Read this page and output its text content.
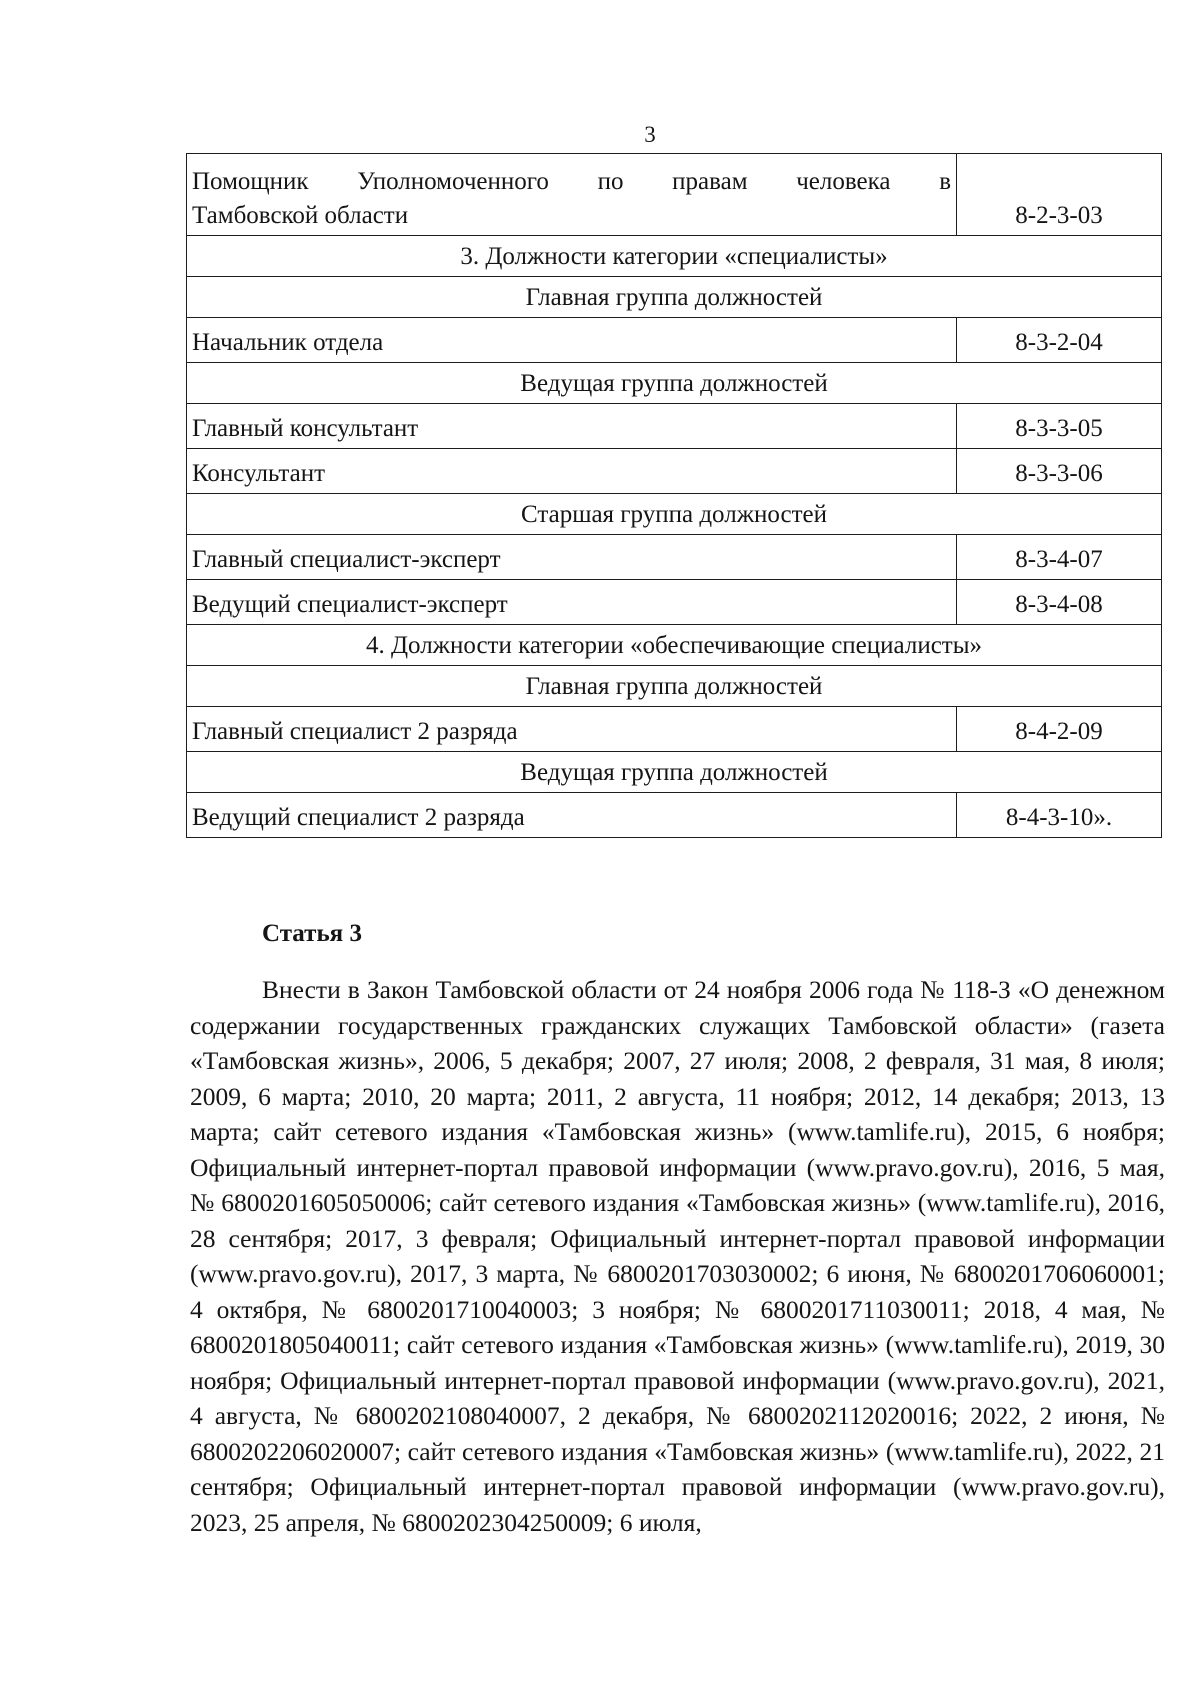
3
Помощник Уполномоченного по правам человека в
Тамбовской области	8-2-3-03
3. Должности категории «специалисты»	
Главная группа должностей	
Начальник отдела	8-3-2-04
Ведущая группа должностей	
Главный консультант	8-3-3-05
Консультант	8-3-3-06
Старшая группа должностей	
Главный специалист-эксперт	8-3-4-07
Ведущий специалист-эксперт	8-3-4-08
4. Должности категории «обеспечивающие специалисты»	
Главная группа должностей	
Главный специалист 2 разряда	8-4-2-09
Ведущая группа должностей	
Ведущий специалист 2 разряда	8-4-3-10».
Статья 3

Внести в Закон Тамбовской области от 24 ноября 2006 года № 118-З «О денежном содержании государственных гражданских служащих Тамбовской области» (газета «Тамбовская жизнь», 2006, 5 декабря; 2007, 27 июля; 2008, 2 февраля, 31 мая, 8 июля; 2009, 6 марта; 2010, 20 марта; 2011, 2 августа, 11 ноября; 2012, 14 декабря; 2013, 13 марта; сайт сетевого издания «Тамбовская жизнь» (www.tamlife.ru), 2015, 6 ноября; Официальный интернет-портал правовой информации (www.pravo.gov.ru), 2016, 5 мая, № 6800201605050006; сайт сетевого издания «Тамбовская жизнь» (www.tamlife.ru), 2016, 28 сентября; 2017, 3 февраля; Официальный интернет-портал правовой информации (www.pravo.gov.ru), 2017, 3 марта, № 6800201703030002; 6 июня, № 6800201706060001; 4 октября, № 6800201710040003; 3 ноября; № 6800201711030011; 2018, 4 мая, № 6800201805040011; сайт сетевого издания «Тамбовская жизнь» (www.tamlife.ru), 2019, 30 ноября; Официальный интернет-портал правовой информации (www.pravo.gov.ru), 2021, 4 августа, № 6800202108040007, 2 декабря, № 6800202112020016; 2022, 2 июня, № 6800202206020007; сайт сетевого издания «Тамбовская жизнь» (www.tamlife.ru), 2022, 21 сентября; Официальный интернет-портал правовой информации (www.pravo.gov.ru), 2023, 25 апреля, № 6800202304250009; 6 июля,
